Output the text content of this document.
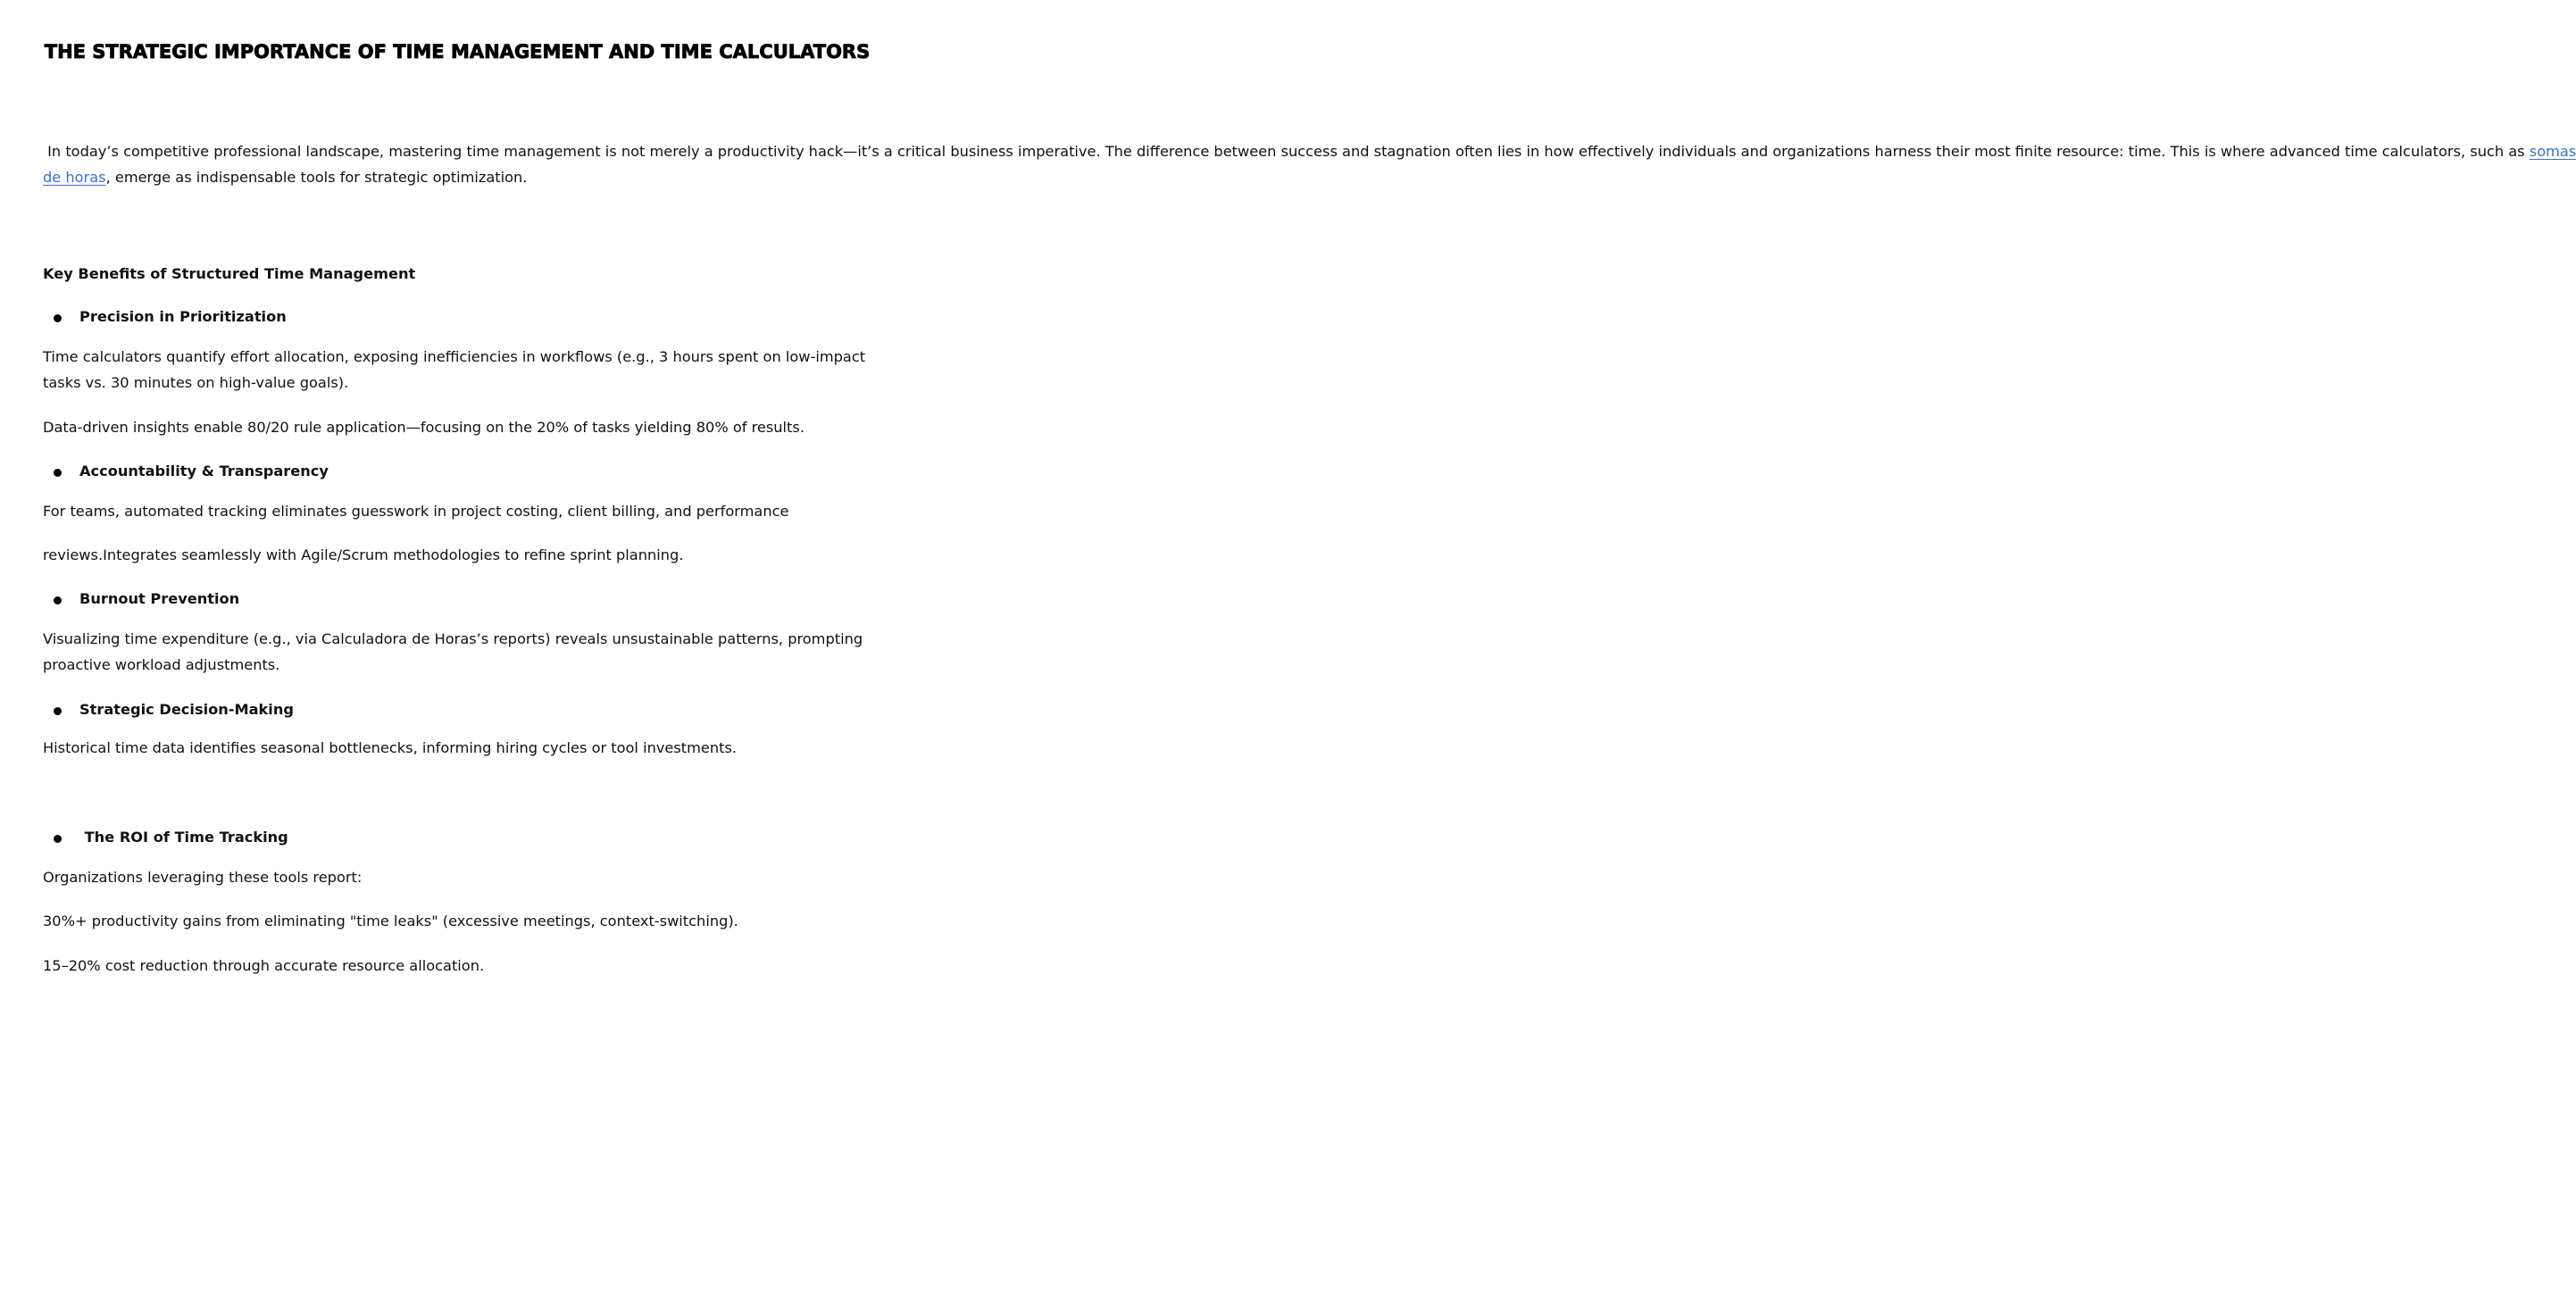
THE STRATEGIC IMPORTANCE OF TIME MANAGEMENT AND TIME CALCULATORS

In today’s competitive professional landscape, mastering time management is not merely a productivity hack—it’s a critical business imperative. The difference between success and stagnation often lies in how effectively individuals and organizations harness their most finite resource: time. This is where advanced time calculators, such as somas de horas, emerge as indispensable tools for strategic optimization.

Key Benefits of Structured Time Management

Precision in Prioritization

Time calculators quantify effort allocation, exposing inefficiencies in workflows (e.g., 3 hours spent on low-impact tasks vs. 30 minutes on high-value goals).

Data-driven insights enable 80/20 rule application—focusing on the 20% of tasks yielding 80% of results.

Accountability & Transparency

For teams, automated tracking eliminates guesswork in project costing, client billing, and performance

reviews.Integrates seamlessly with Agile/Scrum methodologies to refine sprint planning.

Burnout Prevention

Visualizing time expenditure (e.g., via Calculadora de Horas’s reports) reveals unsustainable patterns, prompting proactive workload adjustments.

Strategic Decision-Making

Historical time data identifies seasonal bottlenecks, informing hiring cycles or tool investments.

The ROI of Time Tracking

Organizations leveraging these tools report:

30%+ productivity gains from eliminating "time leaks" (excessive meetings, context-switching).

15–20% cost reduction through accurate resource allocation.
